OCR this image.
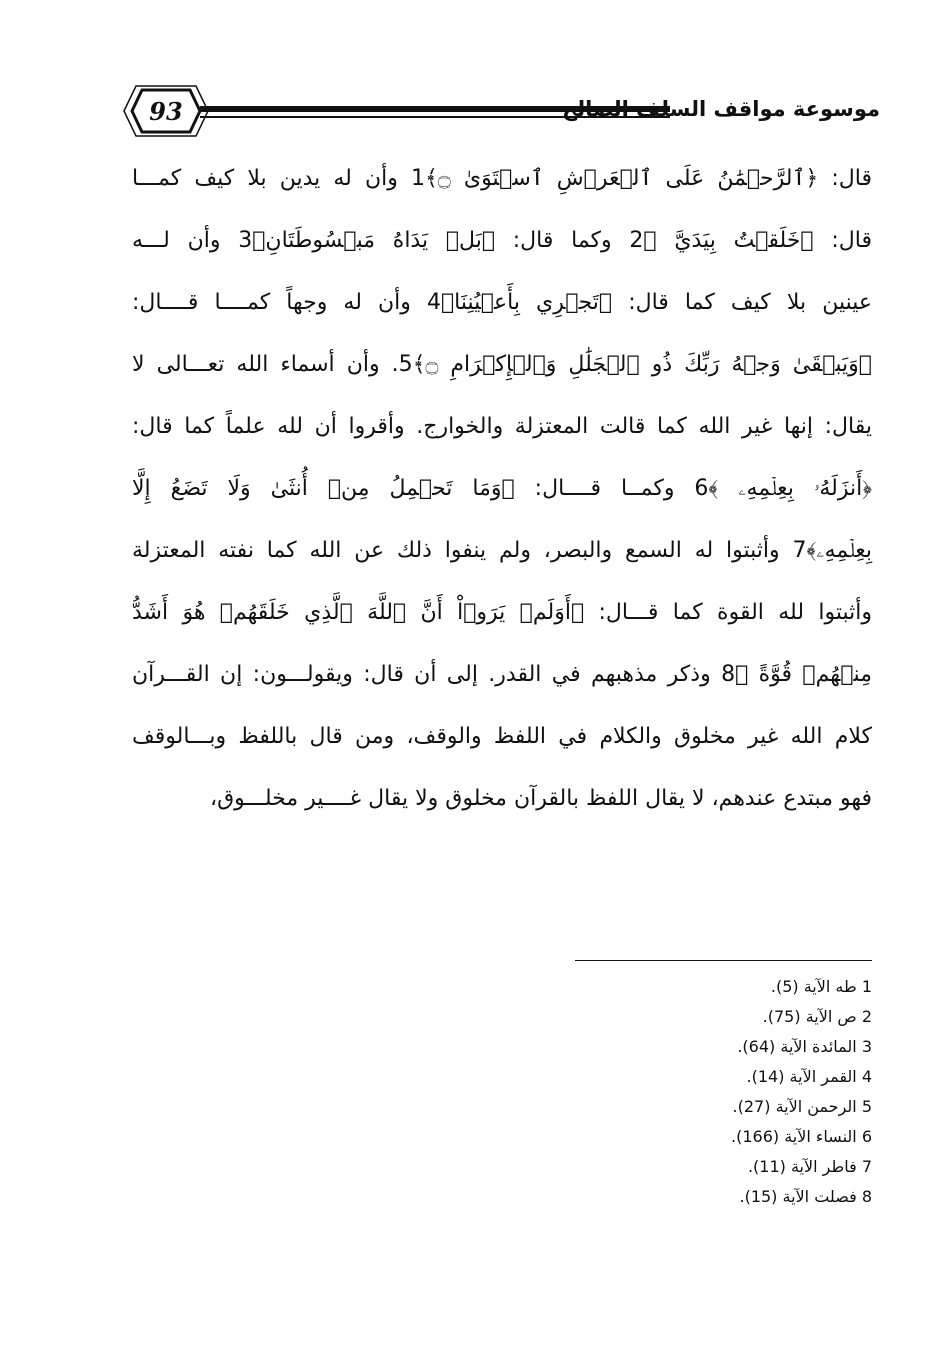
93	موسوعة مواقف السلف الصالح
قال: ﴿ٱلرَّحۡمَٰنُ عَلَى ٱلۡعَرۡشِ ٱسۡتَوَىٰ ۝﴾1 وأن له يدين بلا كيف كمـــا
قال: ﴿خَلَقۡتُ بِيَدَيَّ ﴾2 وكما قال: ﴿بَلۡ يَدَاهُ مَبۡسُوطَتَانِ﴾3 وأن لـــه
عينين بلا كيف كما قال: ﴿تَجۡرِي بِأَعۡيُنِنَا﴾4 وأن له وجهاً كمــــا قــــال:
﴿وَيَبۡقَىٰ وَجۡهُ رَبِّكَ ذُو ٱلۡجَلَٰلِ وَٱلۡإِكۡرَامِ ۝﴾5. وأن أسماء الله تعـــالى لا
يقال: إنها غير الله كما قالت المعتزلة والخوارج. وأقروا أن لله علماً كما قال:
﴿أَنزَلَهُۥ بِعِلۡمِهِۦ ﴾6 وكمــا قــــال: ﴿وَمَا تَحۡمِلُ مِنۡ أُنثَىٰ وَلَا تَضَعُ إِلَّا
بِعِلۡمِهِۦ﴾7 وأثبتوا له السمع والبصر، ولم ينفوا ذلك عن الله كما نفته المعتزلة
وأثبتوا لله القوة كما قـــال: ﴿أَوَلَمۡ يَرَوۡاْ أَنَّ ٱللَّهَ ٱلَّذِي خَلَقَهُمۡ هُوَ أَشَدُّ
مِنۡهُمۡ قُوَّةً ﴾8 وذكر مذهبهم في القدر. إلى أن قال: ويقولـــون: إن القـــرآن
كلام الله غير مخلوق والكلام في اللفظ والوقف، ومن قال باللفظ وبـــالوقف
فهو مبتدع عندهم، لا يقال اللفظ بالقرآن مخلوق ولا يقال غــــير مخلـــوق،
1 طه الآية (5).
2 ص الآية (75).
3 المائدة الآية (64).
4 القمر الآية (14).
5 الرحمن الآية (27).
6 النساء الآية (166).
7 فاطر الآية (11).
8 فصلت الآية (15).
